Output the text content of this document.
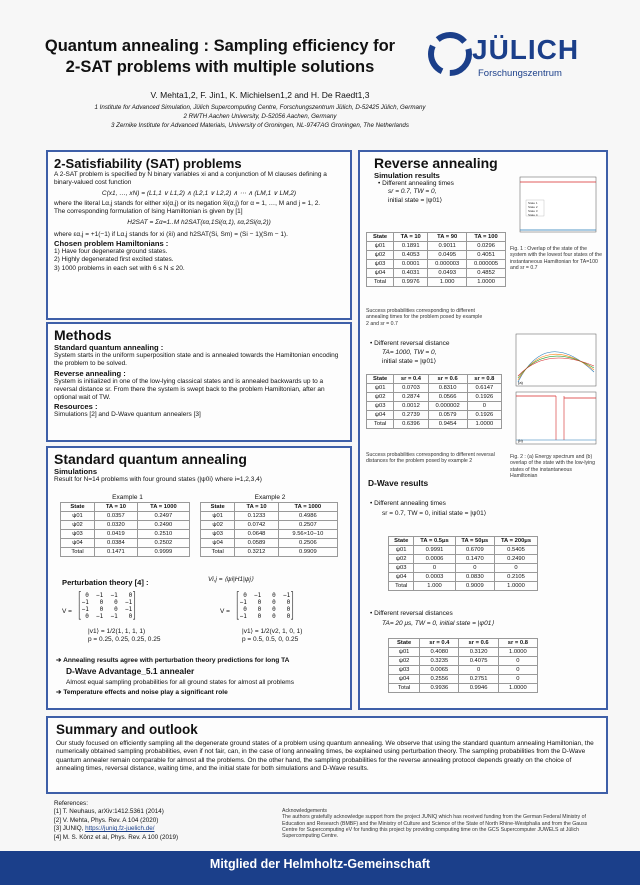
Quantum annealing : Sampling efficiency for
2-SAT problems with multiple solutions
V. Mehta1,2, F. Jin1, K. Michielsen1,2 and H. De Raedt1,3
1 Institute for Advanced Simulation, Jülich Supercomputing Centre, Forschungszentrum Jülich, D-52425 Jülich, Germany
2 RWTH Aachen University, D-52056 Aachen, Germany
3 Zernike Institute for Advanced Materials, University of Groningen, NL-9747AG Groningen, The Netherlands
JÜLICH
Forschungszentrum
2-Satisfiability (SAT) problems
A 2-SAT problem is specified by N binary variables xi and a conjunction of M clauses defining a binary-valued cost function
C(x1, …, xN) = (L1,1 ∨ L1,2) ∧ (L2,1 ∨ L2,2) ∧ ⋯ ∧ (LM,1 ∨ LM,2)
where the literal Lα,j stands for either xi(α,j) or its negation x̄i(α,j) for α = 1, …, M and j = 1, 2.
The corresponding formulation of Ising Hamiltonian is given by [1]
H2SAT = Σα=1..M h2SAT(εα,1Si(α,1), εα,2Si(α,2))
where εα,j = +1(−1) if Lα,j stands for xi (x̄i) and h2SAT(Si, Sm) = (Si − 1)(Sm − 1).
Chosen problem Hamiltonians :
1) Have four degenerate ground states.
2) Highly degenerated first excited states.
3) 1000 problems in each set with 6 ≤ N ≤ 20.
Methods
Standard quantum annealing :
System starts in the uniform superposition state and is annealed towards the Hamiltonian encoding the problem to be solved.
Reverse annealing :
System is initialized in one of the low-lying classical states and is annealed backwards up to a reversal distance sr. From there the system is swept back to the problem Hamiltonian, after an optional wait of TW.
Resources :
Simulations [2] and D-Wave quantum annealers [3]
Standard quantum annealing
Simulations
Result for N=14 problems with four ground states (|ψ0i⟩ where i=1,2,3,4)
Example 1
State	TA = 10	TA = 1000
ψ01	0.0357	0.2497
ψ02	0.0320	0.2490
ψ03	0.0419	0.2510
ψ04	0.0384	0.2502
Total	0.1471	0.9999
Example 2
State	TA = 10	TA = 1000
ψ01	0.1233	0.4986
ψ02	0.0742	0.2507
ψ03	0.0648	9.56×10−10
ψ04	0.0589	0.2506
Total	0.3212	0.9909
Perturbation theory [4] :	Vi,j = ⟨ψi|H1|ψj⟩
V =
⎡ 0  −1  −1   0⎤
⎢−1   0   0  −1⎥
⎢−1   0   0  −1⎥
⎣ 0  −1  −1   0⎦
V =
⎡ 0  −1   0  −1⎤
⎢−1   0   0   0⎥
⎢ 0   0   0   0⎥
⎣−1   0   0   0⎦
|v1⟩ = 1/2(1, 1, 1, 1)
p = 0.25, 0.25, 0.25, 0.25
|v1⟩ = 1/2(v2, 1, 0, 1)
p = 0.5, 0.5, 0, 0.25
➔ Annealing results agree with perturbation theory predictions for long TA
D-Wave Advantage_5.1 annealer
Almost equal sampling probabilities for all ground states for almost all problems
➔ Temperature effects and noise play a significant role
Reverse annealing
Simulation results
• Different annealing times
sr = 0.7, TW = 0,
initial state = |ψ01⟩	State 1
State 2
State 3
State 4
Fig. 1 : Overlap of the state of the system with the lowest four states of the instantaneous Hamiltonian for TA=100 and sr = 0.7
State	TA = 10	TA = 90	TA = 100
ψ01	0.1891	0.9011	0.0296
ψ02	0.4053	0.0495	0.4051
ψ03	0.0001	0.000003	0.000005
ψ04	0.4031	0.0493	0.4852
Total	0.9976	1.000	1.0000
Success probabilities corresponding to different annealing times for the problem posed by example 2 and sr = 0.7
• Different reversal distance
TA= 1000, TW = 0,
initial state = |ψ01⟩
(a)
(b)
State	sr = 0.4	sr = 0.6	sr = 0.8
ψ01	0.0703	0.8310	0.6147
ψ02	0.2874	0.0566	0.1926
ψ03	0.0012	0.000002	0
ψ04	0.2739	0.0579	0.1926
Total	0.6396	0.9454	1.0000
Success probabilities corresponding to different reversal distances for the problem posed by example 2
Fig. 2 : (a) Energy spectrum and (b) overlap of the state with the low-lying states of the instantaneous Hamiltonian
D-Wave results
• Different annealing times
sr = 0.7, TW = 0, initial state = |ψ01⟩
State	TA = 0.5μs	TA = 50μs	TA = 200μs
ψ01	0.9991	0.6709	0.5405
ψ02	0.0006	0.1470	0.2490
ψ03	0	0	0
ψ04	0.0003	0.0830	0.2105
Total	1.000	0.9009	1.0000
• Different reversal distances
TA= 20 μs, TW = 0, initial state = |ψ01⟩
State	sr = 0.4	sr = 0.6	sr = 0.8
ψ01	0.4080	0.3120	1.0000
ψ02	0.3235	0.4075	0
ψ03	0.0065	0	0
ψ04	0.2556	0.2751	0
Total	0.9936	0.9946	1.0000
Summary and outlook
Our study focused on efficiently sampling all the degenerate ground states of a problem using quantum annealing. We observe that using the standard quantum annealing Hamiltonian, the numerically obtained sampling probabilities, even if not fair, can, in the case of long annealing times, be explained using perturbation theory. The sampling probabilities from the D-Wave quantum annealer remain comparable for almost all the problems. On the other hand, the sampling probabilities for the reverse annealing protocol depends greatly on the choice of annealing times, reversal distance, waiting time, and the initial state for both simulations and D-Wave results.
References:
[1] T. Neuhaus, arXiv:1412.5361 (2014)
[2] V. Mehta, Phys. Rev. A 104 (2020)
[3] JUNIQ, https://juniq.fz-juelich.de/
[4] M. S. Könz et al, Phys. Rev. A 100 (2019)
Acknowledgements
The authors gratefully acknowledge support from the project JUNIQ which has received funding from the German Federal Ministry of Education and Research (BMBF) and the Ministry of Culture and Science of the State of North Rhine-Westphalia and from the Gauss Centre for Supercomputing eV for funding this project by providing computing time on the GCS Supercomputer JUWELS at Jülich Supercomputing Centre.
Mitglied der Helmholtz-Gemeinschaft
